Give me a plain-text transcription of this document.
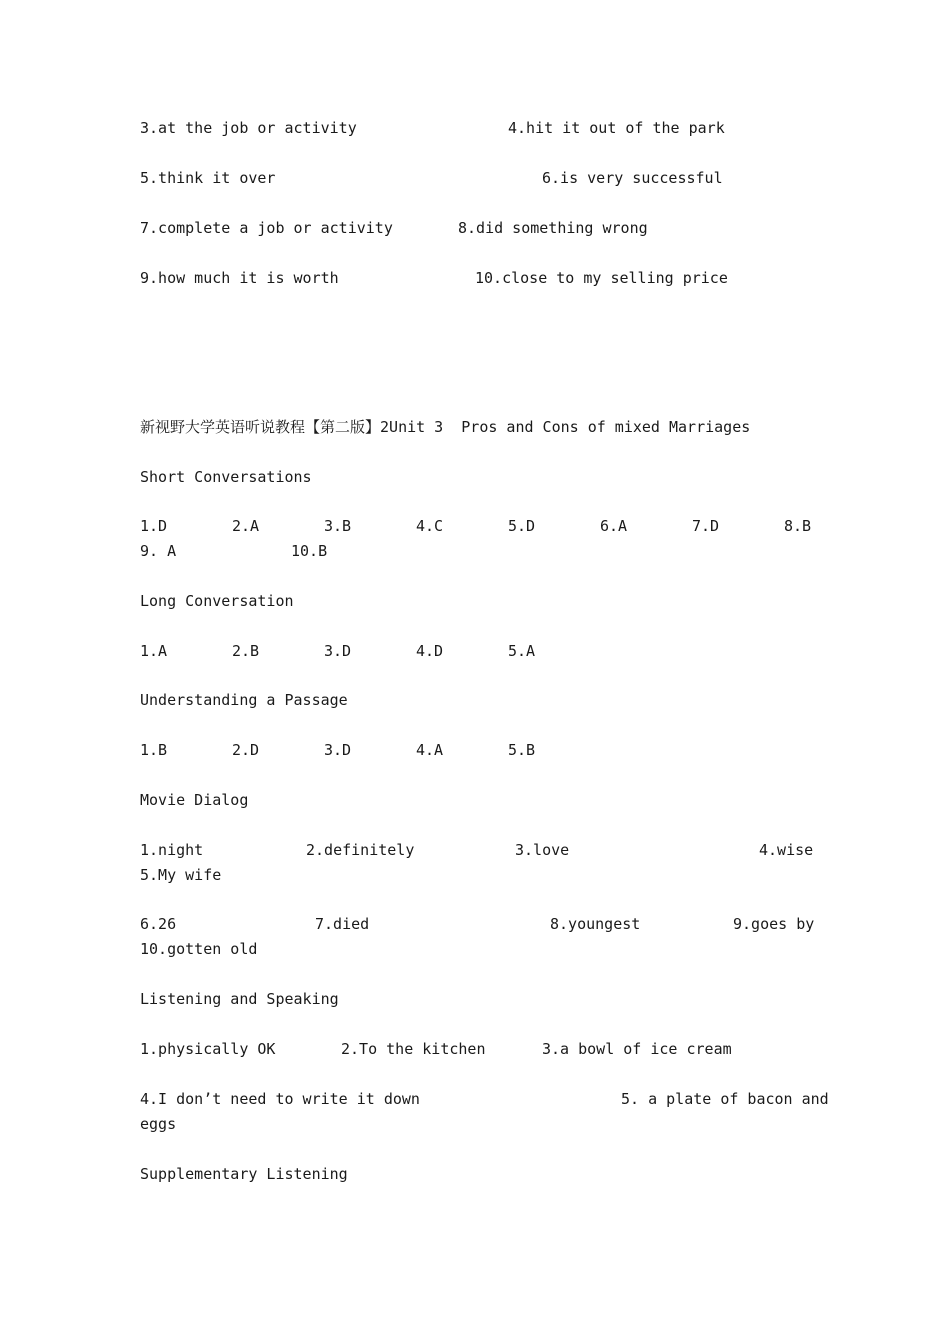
3.at the job or activity	4.hit it out of the park
5.think it over	6.is very successful
7.complete a job or activity	8.did something wrong
9.how much it is worth	10.close to my selling price
新视野大学英语听说教程【第二版】2Unit 3  Pros and Cons of mixed Marriages
Short Conversations
1.D	2.A	3.B	4.C	5.D	6.A	7.D	8.B
9. A	10.B
Long Conversation
1.A	2.B	3.D	4.D	5.A
Understanding a Passage
1.B	2.D	3.D	4.A	5.B
Movie Dialog
1.night	2.definitely	3.love	4.wise
5.My wife
6.26	7.died	8.youngest	9.goes by
10.gotten old
Listening and Speaking
1.physically OK	2.To the kitchen	3.a bowl of ice cream
4.I don’t need to write it down	5. a plate of bacon and
eggs
Supplementary Listening
